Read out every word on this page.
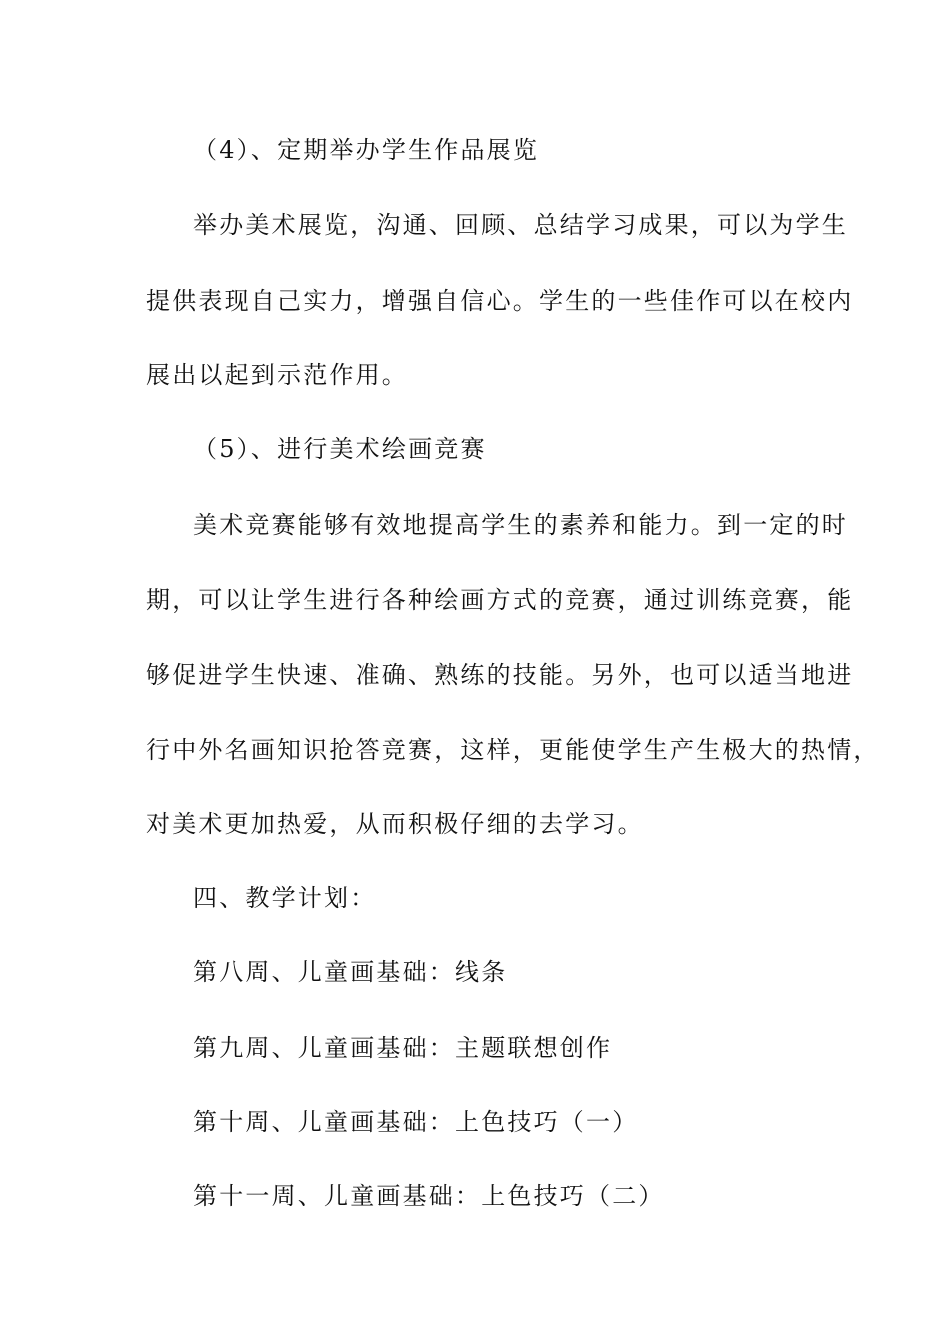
（4）、定期举办学生作品展览
举办美术展览，沟通、回顾、总结学习成果，可以为学生
提供表现自己实力，增强自信心。学生的一些佳作可以在校内
展出以起到示范作用。
（5）、进行美术绘画竞赛
美术竞赛能够有效地提高学生的素养和能力。到一定的时
期，可以让学生进行各种绘画方式的竞赛，通过训练竞赛，能
够促进学生快速、准确、熟练的技能。另外，也可以适当地进
行中外名画知识抢答竞赛，这样，更能使学生产生极大的热情，
对美术更加热爱，从而积极仔细的去学习。
四、教学计划：
第八周、儿童画基础：线条
第九周、儿童画基础：主题联想创作
第十周、儿童画基础：上色技巧（一）
第十一周、儿童画基础：上色技巧（二）
